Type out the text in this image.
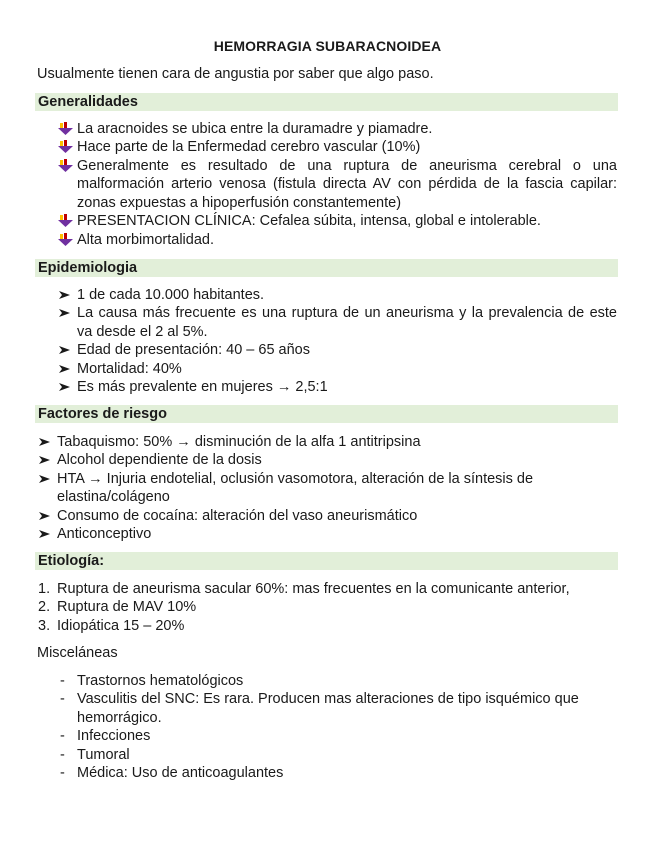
HEMORRAGIA SUBARACNOIDEA
Usualmente tienen cara de angustia por saber que algo paso.
Generalidades
La aracnoides se ubica entre la duramadre y piamadre.
Hace parte de la Enfermedad cerebro vascular (10%)
Generalmente es resultado de una ruptura de aneurisma cerebral o una
malformación arterio venosa (fistula directa AV con pérdida de la fascia capilar:
zonas expuestas a hipoperfusión constantemente)
PRESENTACION CLÍNICA: Cefalea súbita, intensa, global e intolerable.
Alta morbimortalidad.
Epidemiologia
1 de cada 10.000 habitantes.
La causa más frecuente es una ruptura de un aneurisma y la prevalencia de este
va desde el 2 al 5%.
Edad de presentación: 40 – 65 años
Mortalidad: 40%
Es más prevalente en mujeres → 2,5:1
Factores de riesgo
Tabaquismo: 50% → disminución de la alfa 1 antitripsina
Alcohol dependiente de la dosis
HTA → Injuria endotelial, oclusión vasomotora, alteración de la síntesis de
elastina/colágeno
Consumo de cocaína: alteración del vaso aneurismático
Anticonceptivo
Etiología:
1. Ruptura de aneurisma sacular 60%: mas frecuentes en la comunicante anterior,
2. Ruptura de MAV 10%
3. Idiopática 15 – 20%
Misceláneas
- Trastornos hematológicos
- Vasculitis del SNC: Es rara. Producen mas alteraciones de tipo isquémico que
hemorrágico.
- Infecciones
- Tumoral
- Médica: Uso de anticoagulantes
